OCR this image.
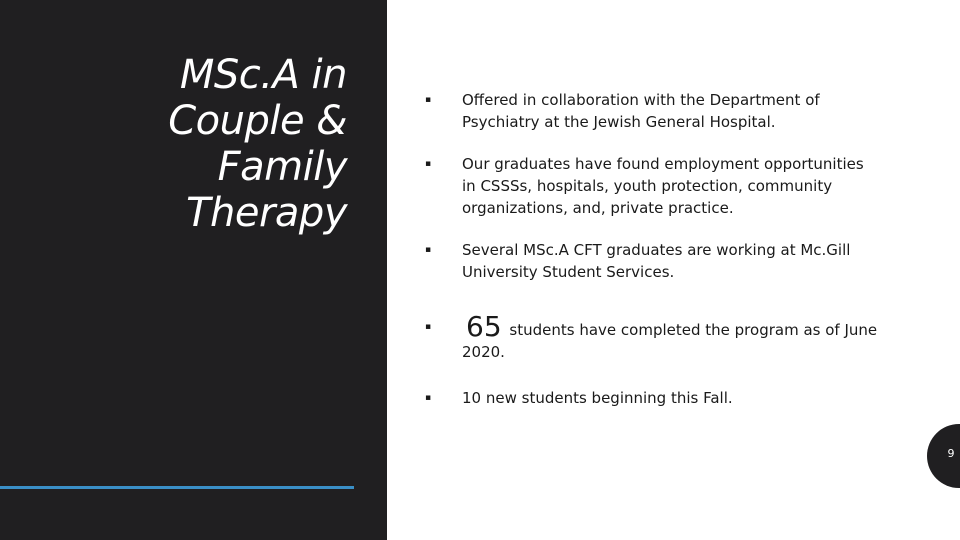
MSc.A in
Couple &
Family
Therapy
▪ Offered in collaboration with the Department of Psychiatry at the Jewish General Hospital.
▪ Our graduates have found employment opportunities in CSSSs, hospitals, youth protection, community organizations, and, private practice.
▪ Several MSc.A CFT graduates are working at Mc.Gill University Student Services.
▪ 65 students have completed the program as of June 2020.
▪ 10 new students beginning this Fall.
9
